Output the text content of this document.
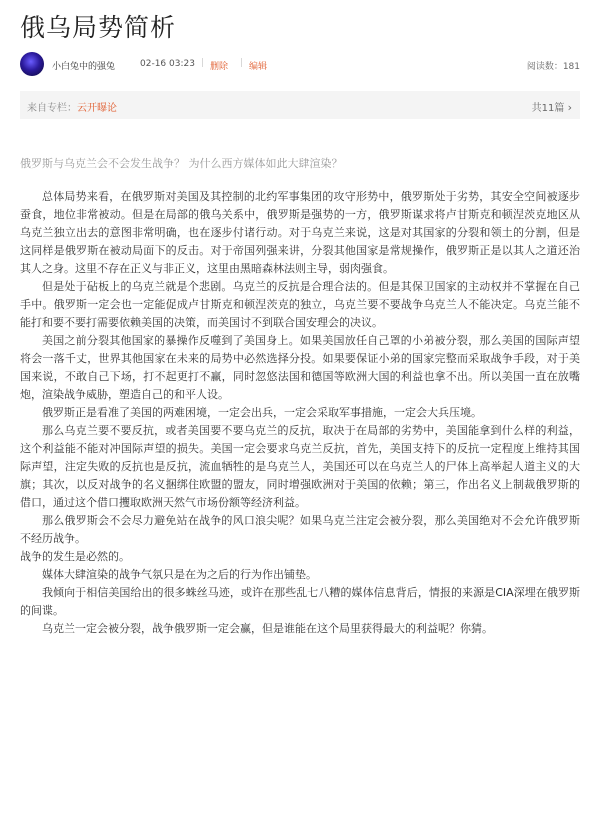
俄乌局势简析
小白兔中的强兔	02-16 03:23 | 删除 | 编辑	阅读数：181
来自专栏：云开曝论	共11篇 ›
俄罗斯与乌克兰会不会发生战争？ 为什么西方媒体如此大肆渲染？

总体局势来看，在俄罗斯对美国及其控制的北约军事集团的攻守形势中，俄罗斯处于劣势，其安全空间被逐步蚕食，地位非常被动。但是在局部的俄乌关系中，俄罗斯是强势的一方，俄罗斯谋求将卢甘斯克和顿涅茨克地区从乌克兰独立出去的意图非常明确，也在逐步付诸行动。对于乌克兰来说，这是对其国家的分裂和领土的分割，但是这同样是俄罗斯在被动局面下的反击。对于帝国列强来讲，分裂其他国家是常规操作，俄罗斯正是以其人之道还治其人之身。这里不存在正义与非正义，这里由黑暗森林法则主导，弱肉强食。

但是处于砧板上的乌克兰就是个悲剧。乌克兰的反抗是合理合法的。但是其保卫国家的主动权并不掌握在自己手中。俄罗斯一定会也一定能促成卢甘斯克和顿涅茨克的独立，乌克兰要不要战争乌克兰人不能决定。乌克兰能不能打和要不要打需要依赖美国的决策，而美国讨不到联合国安理会的决议。

美国之前分裂其他国家的暴操作反噬到了美国身上。如果美国放任自己罩的小弟被分裂，那么美国的国际声望将会一落千丈，世界其他国家在未来的局势中必然选择分投。如果要保证小弟的国家完整而采取战争手段，对于美国来说，不敢自己下场，打不起更打不赢，同时忽悠法国和德国等欧洲大国的利益也拿不出。所以美国一直在放嘴炮，渲染战争威胁，塑造自己的和平人设。

俄罗斯正是看准了美国的两难困境，一定会出兵，一定会采取军事措施，一定会大兵压境。

那么乌克兰要不要反抗，或者美国要不要乌克兰的反抗，取决于在局部的劣势中，美国能拿到什么样的利益，这个利益能不能对冲国际声望的损失。美国一定会要求乌克兰反抗，首先，美国支持下的反抗一定程度上维持其国际声望，注定失败的反抗也是反抗，流血牺牲的是乌克兰人，美国还可以在乌克兰人的尸体上高举起人道主义的大旗；其次，以反对战争的名义捆绑住欧盟的盟友，同时增强欧洲对于美国的依赖；第三，作出名义上制裁俄罗斯的借口，通过这个借口攫取欧洲天然气市场份额等经济利益。

那么俄罗斯会不会尽力避免站在战争的风口浪尖呢？如果乌克兰注定会被分裂，那么美国绝对不会允许俄罗斯不经历战争。

战争的发生是必然的。

媒体大肆渲染的战争气氛只是在为之后的行为作出铺垫。

我倾向于相信美国给出的很多蛛丝马迹，或许在那些乱七八糟的媒体信息背后，情报的来源是CIA深埋在俄罗斯的间谍。

乌克兰一定会被分裂，战争俄罗斯一定会赢，但是谁能在这个局里获得最大的利益呢？你猜。
